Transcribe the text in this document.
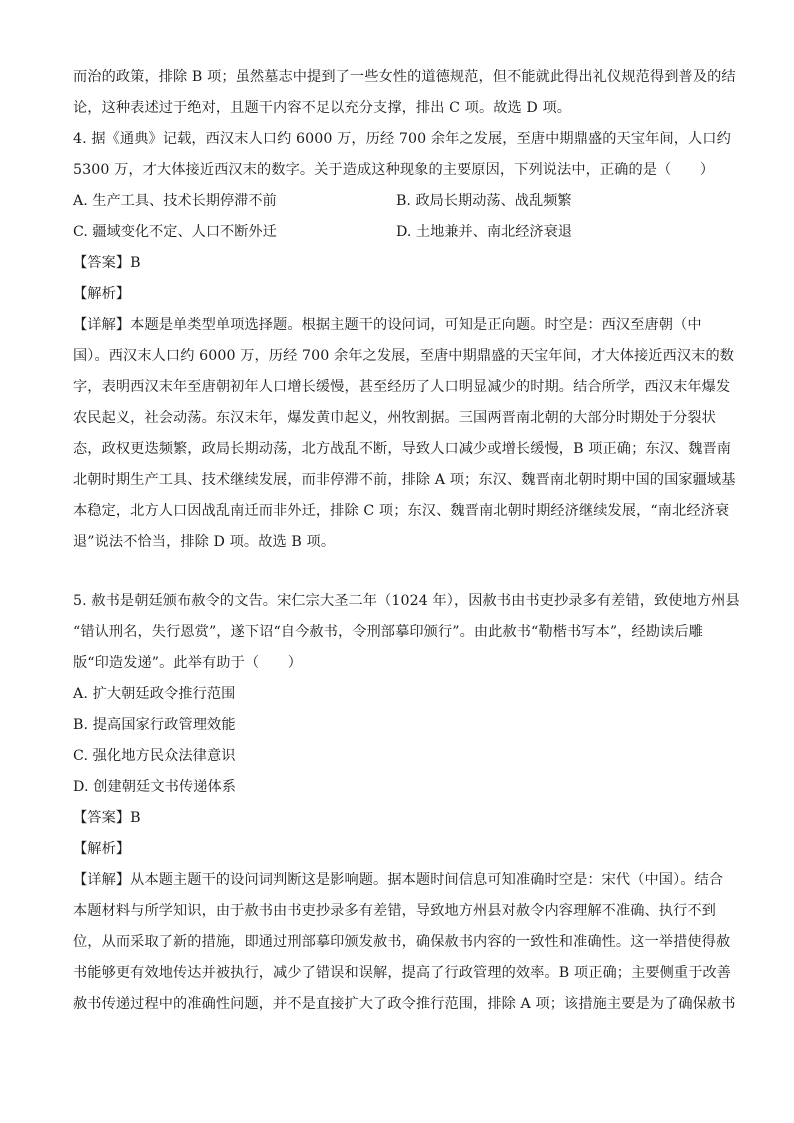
而治的政策，排除 B 项；虽然墓志中提到了一些女性的道德规范，但不能就此得出礼仪规范得到普及的结
论，这种表述过于绝对，且题干内容不足以充分支撑，排出 C 项。故选 D 项。
4. 据《通典》记载，西汉末人口约 6000 万，历经 700 余年之发展，至唐中期鼎盛的天宝年间，人口约
5300 万，才大体接近西汉末的数字。关于造成这种现象的主要原因，下列说法中，正确的是（　　）
A. 生产工具、技术长期停滞不前	B. 政局长期动荡、战乱频繁
C. 疆域变化不定、人口不断外迁	D. 土地兼并、南北经济衰退
【答案】B
【解析】
【详解】本题是单类型单项选择题。根据主题干的设问词，可知是正向题。时空是：西汉至唐朝（中
国）。西汉末人口约 6000 万，历经 700 余年之发展，至唐中期鼎盛的天宝年间，才大体接近西汉末的数
字，表明西汉末年至唐朝初年人口增长缓慢，甚至经历了人口明显减少的时期。结合所学，西汉末年爆发
农民起义，社会动荡。东汉末年，爆发黄巾起义，州牧割据。三国两晋南北朝的大部分时期处于分裂状
态，政权更迭频繁，政局长期动荡，北方战乱不断，导致人口减少或增长缓慢，B 项正确；东汉、魏晋南
北朝时期生产工具、技术继续发展，而非停滞不前，排除 A 项；东汉、魏晋南北朝时期中国的国家疆域基
本稳定，北方人口因战乱南迁而非外迁，排除 C 项；东汉、魏晋南北朝时期经济继续发展，“南北经济衰
退”说法不恰当，排除 D 项。故选 B 项。
5. 赦书是朝廷颁布赦令的文告。宋仁宗大圣二年（1024 年），因赦书由书吏抄录多有差错，致使地方州县
“错认刑名，失行恩赏”，遂下诏“自今赦书，令刑部摹印颁行”。由此赦书“勒楷书写本”，经勘读后雕
版“印造发递”。此举有助于（　　）
A. 扩大朝廷政令推行范围
B. 提高国家行政管理效能
C. 强化地方民众法律意识
D. 创建朝廷文书传递体系
【答案】B
【解析】
【详解】从本题主题干的设问词判断这是影响题。据本题时间信息可知准确时空是：宋代（中国）。结合
本题材料与所学知识，由于赦书由书吏抄录多有差错，导致地方州县对赦令内容理解不准确、执行不到
位，从而采取了新的措施，即通过刑部摹印颁发赦书，确保赦书内容的一致性和准确性。这一举措使得赦
书能够更有效地传达并被执行，减少了错误和误解，提高了行政管理的效率。B 项正确；主要侧重于改善
赦书传递过程中的准确性问题，并不是直接扩大了政令推行范围，排除 A 项；该措施主要是为了确保赦书
